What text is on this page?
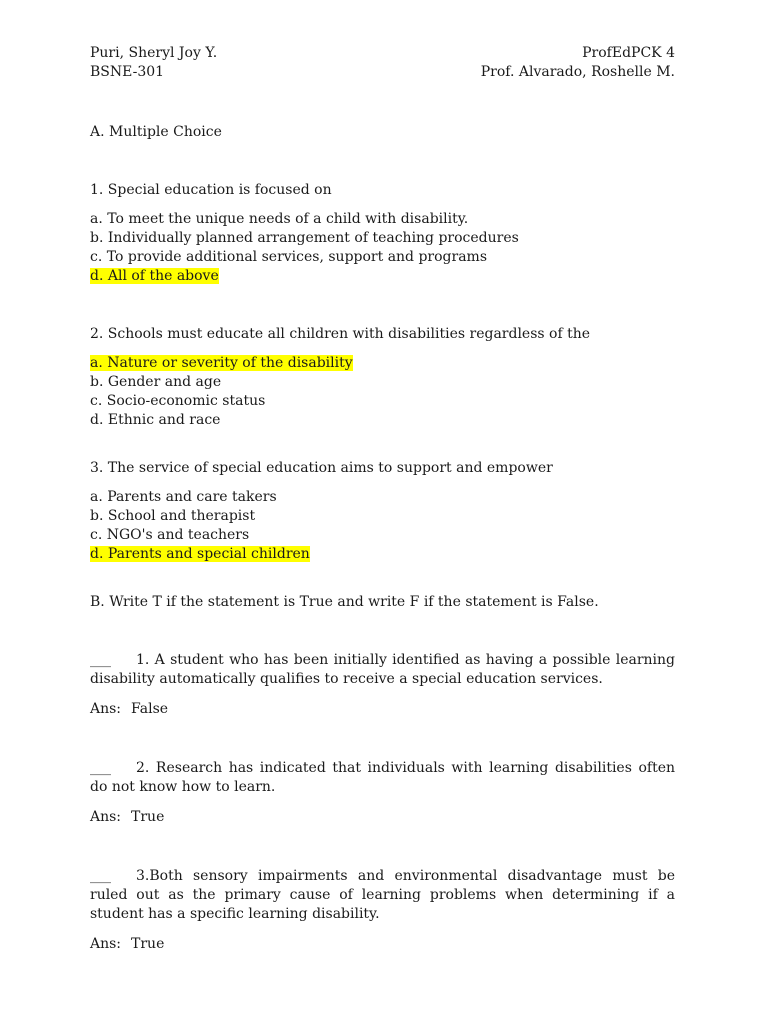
Puri, Sheryl Joy Y.
BSNE-301
ProfEdPCK 4
Prof. Alvarado, Roshelle M.
A. Multiple Choice
1. Special education is focused on
a. To meet the unique needs of a child with disability.
b. Individually planned arrangement of teaching procedures
c. To provide additional services, support and programs
d. All of the above
2. Schools must educate all children with disabilities regardless of the
a. Nature or severity of the disability
b. Gender and age
c. Socio-economic status
d. Ethnic and race
3. The service of special education aims to support and empower
a. Parents and care takers
b. School and therapist
c. NGO's and teachers
d. Parents and special children
B. Write T if the statement is True and write F if the statement is False.
___ 1. A student who has been initially identified as having a possible learning disability automatically qualifies to receive a special education services.
Ans: False
___ 2. Research has indicated that individuals with learning disabilities often do not know how to learn.
Ans: True
___ 3.Both sensory impairments and environmental disadvantage must be ruled out as the primary cause of learning problems when determining if a student has a specific learning disability.
Ans: True
